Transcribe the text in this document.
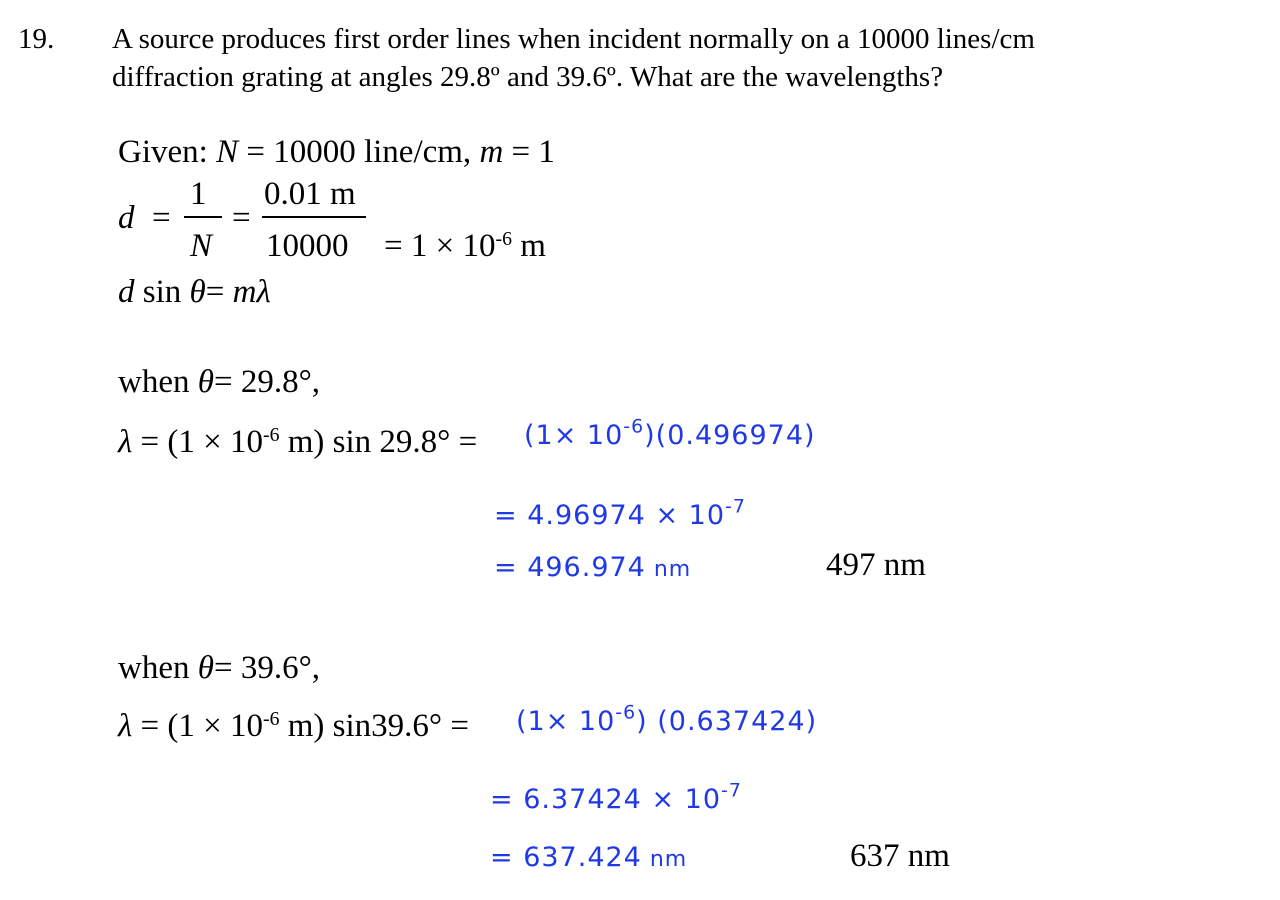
19. A source produces first order lines when incident normally on a 10000 lines/cm
diffraction grating at angles 29.8º and 39.6º. What are the wavelengths?
Given: N = 10000 line/cm, m = 1
d =
1
N
=
0.01 m
$10000 = 1 \times 10^{-6}$ m
d sin θ= mλ
when θ= 29.8°,
$\lambda = (1 \times 10^{-6}$ m) $\sin 29.8^\circ = (1\times 10^{-6})(0.496974)$
= $4.96974 \times 10^{-7}$
= 496.974 nm	497 nm
when θ= 39.6°,
$\lambda = (1 \times 10^{-6}$ m) $\sin 39.6^\circ = (1\times 10^{-6})$ (0.637424)
= $6.37424 \times 10^{-7}$
= 637.424 nm	637 nm
